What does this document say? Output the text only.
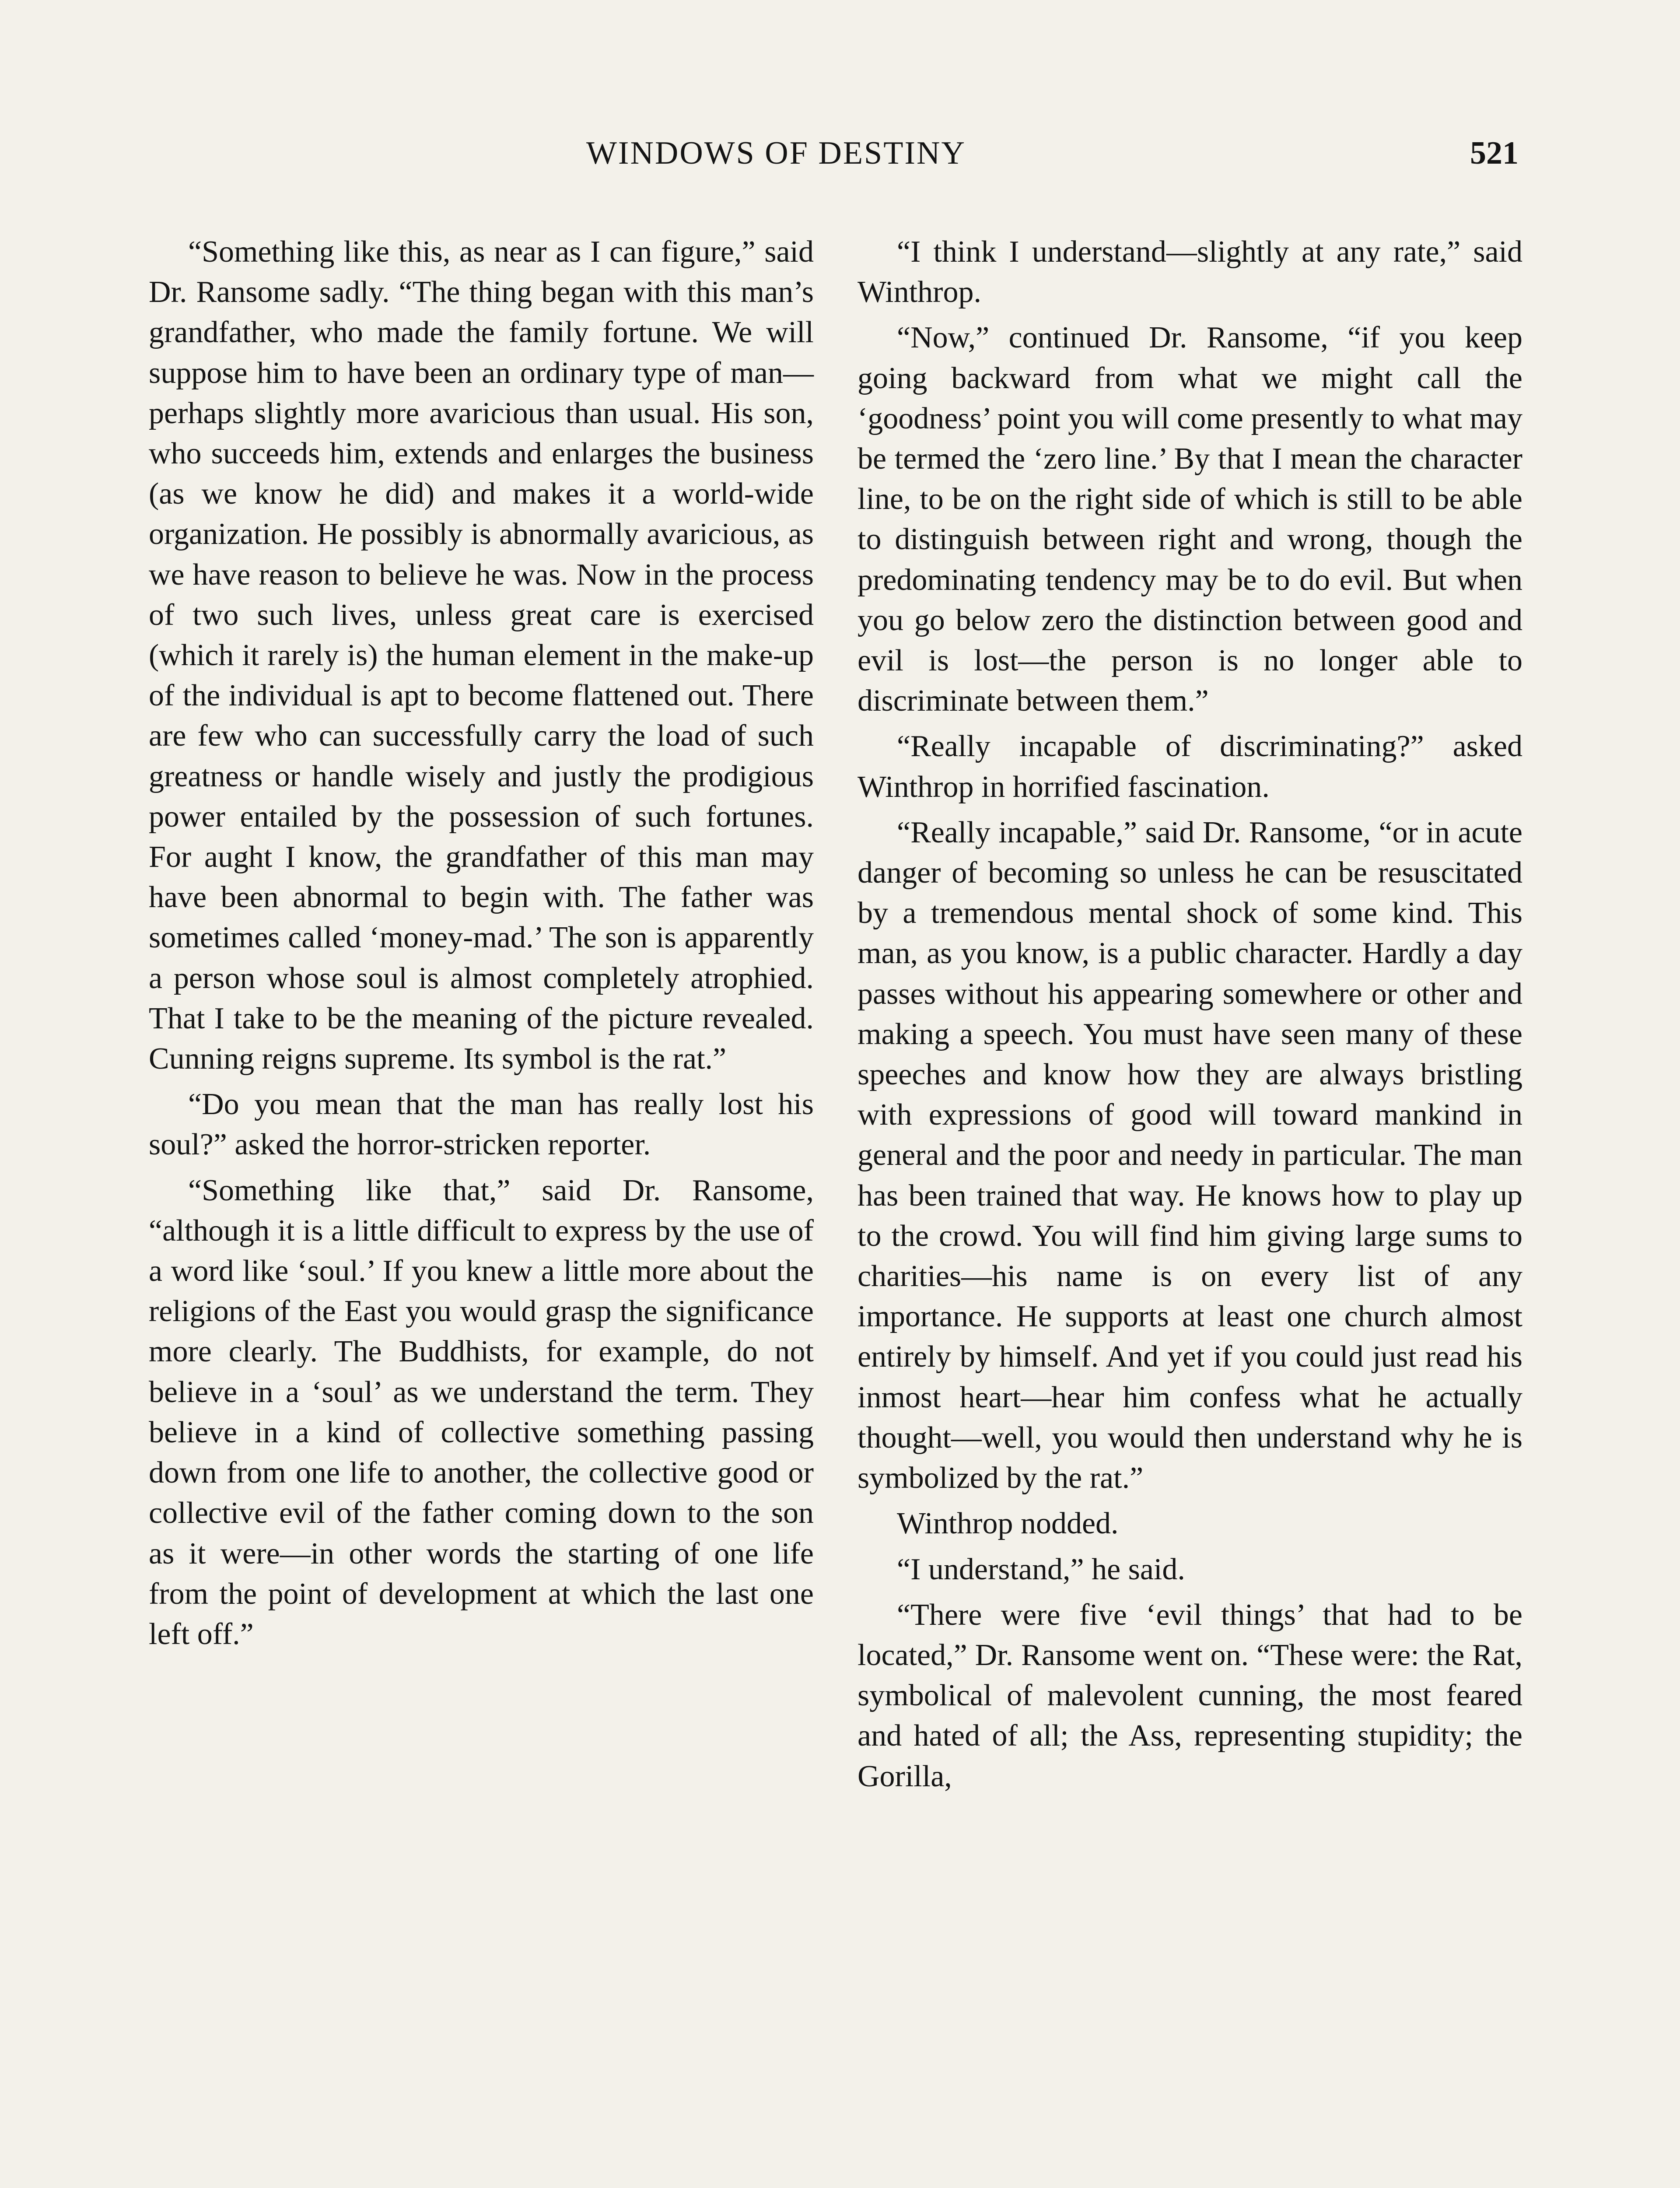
WINDOWS OF DESTINY	521

“Something like this, as near as I can figure,” said Dr. Ransome sadly. “The thing began with this man’s grandfather, who made the family fortune. We will suppose him to have been an ordinary type of man—perhaps slightly more avaricious than usual. His son, who succeeds him, extends and enlarges the business (as we know he did) and makes it a world-wide organization. He possibly is abnormally avaricious, as we have reason to believe he was. Now in the process of two such lives, unless great care is exercised (which it rarely is) the human element in the make-up of the individual is apt to become flattened out. There are few who can successfully carry the load of such greatness or handle wisely and justly the prodigious power entailed by the possession of such fortunes. For aught I know, the grandfather of this man may have been abnormal to begin with. The father was sometimes called ‘money-mad.’ The son is apparently a person whose soul is almost completely atrophied. That I take to be the meaning of the picture revealed. Cunning reigns supreme. Its symbol is the rat.”

“Do you mean that the man has really lost his soul?” asked the horror-stricken reporter.

“Something like that,” said Dr. Ransome, “although it is a little difficult to express by the use of a word like ‘soul.’ If you knew a little more about the religions of the East you would grasp the significance more clearly. The Buddhists, for example, do not believe in a ‘soul’ as we understand the term. They believe in a kind of collective something passing down from one life to another, the collective good or collective evil of the father coming down to the son as it were—in other words the starting of one life from the point of development at which the last one left off.”

“I think I understand—slightly at any rate,” said Winthrop.

“Now,” continued Dr. Ransome, “if you keep going backward from what we might call the ‘goodness’ point you will come presently to what may be termed the ‘zero line.’ By that I mean the character line, to be on the right side of which is still to be able to distinguish between right and wrong, though the predominating tendency may be to do evil. But when you go below zero the distinction between good and evil is lost—the person is no longer able to discriminate between them.”

“Really incapable of discriminating?” asked Winthrop in horrified fascination.

“Really incapable,” said Dr. Ransome, “or in acute danger of becoming so unless he can be resuscitated by a tremendous mental shock of some kind. This man, as you know, is a public character. Hardly a day passes without his appearing somewhere or other and making a speech. You must have seen many of these speeches and know how they are always bristling with expressions of good will toward mankind in general and the poor and needy in particular. The man has been trained that way. He knows how to play up to the crowd. You will find him giving large sums to charities—his name is on every list of any importance. He supports at least one church almost entirely by himself. And yet if you could just read his inmost heart—hear him confess what he actually thought—well, you would then understand why he is symbolized by the rat.”

Winthrop nodded.

“I understand,” he said.

“There were five ‘evil things’ that had to be located,” Dr. Ransome went on. “These were: the Rat, symbolical of malevolent cunning, the most feared and hated of all; the Ass, representing stupidity; the Gorilla,
